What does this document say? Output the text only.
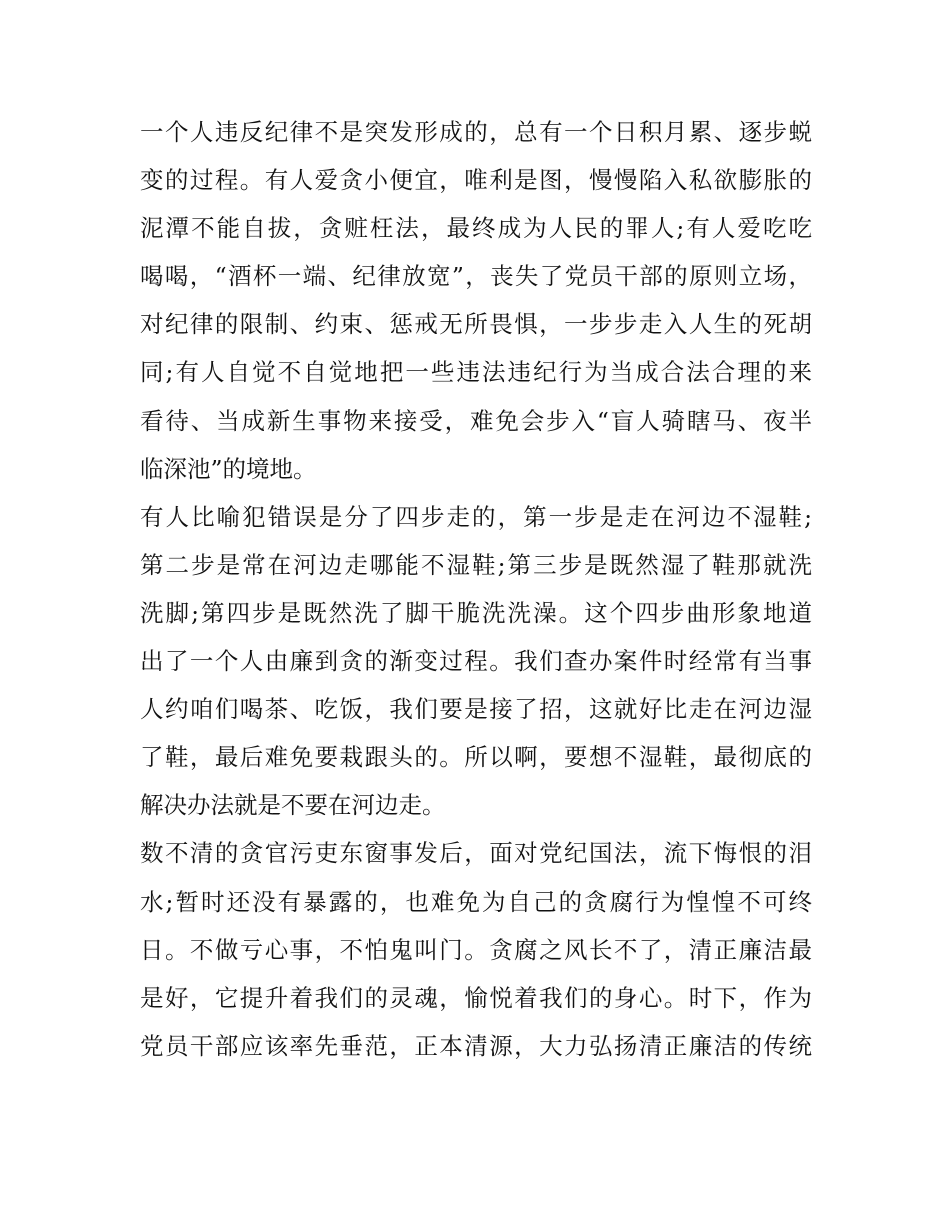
一个人违反纪律不是突发形成的，总有一个日积月累、逐步蜕
变的过程。有人爱贪小便宜，唯利是图，慢慢陷入私欲膨胀的
泥潭不能自拔，贪赃枉法，最终成为人民的罪人;有人爱吃吃
喝喝，“酒杯一端、纪律放宽”，丧失了党员干部的原则立场，
对纪律的限制、约束、惩戒无所畏惧，一步步走入人生的死胡
同;有人自觉不自觉地把一些违法违纪行为当成合法合理的来
看待、当成新生事物来接受，难免会步入“盲人骑瞎马、夜半
临深池”的境地。
有人比喻犯错误是分了四步走的，第一步是走在河边不湿鞋;
第二步是常在河边走哪能不湿鞋;第三步是既然湿了鞋那就洗
洗脚;第四步是既然洗了脚干脆洗洗澡。这个四步曲形象地道
出了一个人由廉到贪的渐变过程。我们查办案件时经常有当事
人约咱们喝茶、吃饭，我们要是接了招，这就好比走在河边湿
了鞋，最后难免要栽跟头的。所以啊，要想不湿鞋，最彻底的
解决办法就是不要在河边走。
数不清的贪官污吏东窗事发后，面对党纪国法，流下悔恨的泪
水;暂时还没有暴露的，也难免为自己的贪腐行为惶惶不可终
日。不做亏心事，不怕鬼叫门。贪腐之风长不了，清正廉洁最
是好，它提升着我们的灵魂，愉悦着我们的身心。时下，作为
党员干部应该率先垂范，正本清源，大力弘扬清正廉洁的传统
